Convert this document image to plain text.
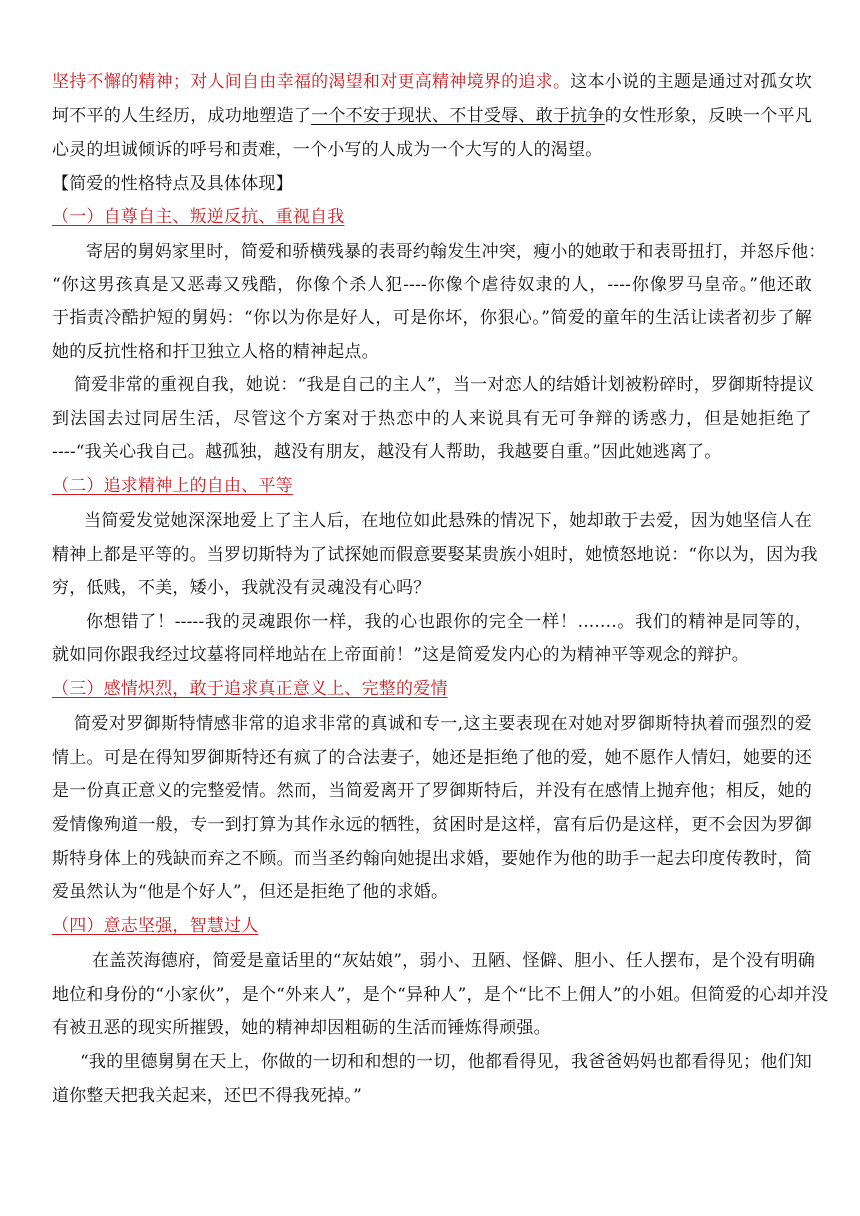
坚持不懈的精神；对人间自由幸福的渴望和对更高精神境界的追求。这本小说的主题是通过对孤女坎
坷不平的人生经历，成功地塑造了一个不安于现状、不甘受辱、敢于抗争的女性形象，反映一个平凡
心灵的坦诚倾诉的呼号和责难，一个小写的人成为一个大写的人的渴望。
【简爱的性格特点及具体体现】
（一）自尊自主、叛逆反抗、重视自我
寄居的舅妈家里时，简爱和骄横残暴的表哥约翰发生冲突，瘦小的她敢于和表哥扭打，并怒斥他：
“你这男孩真是又恶毒又残酷，你像个杀人犯----你像个虐待奴隶的人，----你像罗马皇帝。”他还敢
于指责冷酷护短的舅妈：“你以为你是好人，可是你坏，你狠心。”简爱的童年的生活让读者初步了解
她的反抗性格和扞卫独立人格的精神起点。
简爱非常的重视自我，她说：“我是自己的主人”，当一对恋人的结婚计划被粉碎时，罗御斯特提议
到法国去过同居生活，尽管这个方案对于热恋中的人来说具有无可争辩的诱惑力，但是她拒绝了
----“我关心我自己。越孤独，越没有朋友，越没有人帮助，我越要自重。”因此她逃离了。
（二）追求精神上的自由、平等
当简爱发觉她深深地爱上了主人后，在地位如此悬殊的情况下，她却敢于去爱，因为她坚信人在
精神上都是平等的。当罗切斯特为了试探她而假意要娶某贵族小姐时，她愤怒地说：“你以为，因为我
穷，低贱，不美，矮小，我就没有灵魂没有心吗？
你想错了！-----我的灵魂跟你一样，我的心也跟你的完全一样！.......。我们的精神是同等的，
就如同你跟我经过坟墓将同样地站在上帝面前！”这是简爱发内心的为精神平等观念的辩护。
（三）感情炽烈，敢于追求真正意义上、完整的爱情
简爱对罗御斯特情感非常的追求非常的真诚和专一,这主要表现在对她对罗御斯特执着而强烈的爱
情上。可是在得知罗御斯特还有疯了的合法妻子，她还是拒绝了他的爱，她不愿作人情妇，她要的还
是一份真正意义的完整爱情。然而，当简爱离开了罗御斯特后，并没有在感情上抛弃他；相反，她的
爱情像殉道一般，专一到打算为其作永远的牺牲，贫困时是这样，富有后仍是这样，更不会因为罗御
斯特身体上的残缺而弃之不顾。而当圣约翰向她提出求婚，要她作为他的助手一起去印度传教时，简
爱虽然认为“他是个好人”，但还是拒绝了他的求婚。
（四）意志坚强，智慧过人
在盖茨海德府，简爱是童话里的“灰姑娘”，弱小、丑陋、怪僻、胆小、任人摆布，是个没有明确
地位和身份的“小家伙”，是个“外来人”，是个“异种人”，是个“比不上佣人”的小姐。但简爱的心却并没
有被丑恶的现实所摧毁，她的精神却因粗砺的生活而锤炼得顽强。
“我的里德舅舅在天上，你做的一切和和想的一切，他都看得见，我爸爸妈妈也都看得见；他们知
道你整天把我关起来，还巴不得我死掉。”
